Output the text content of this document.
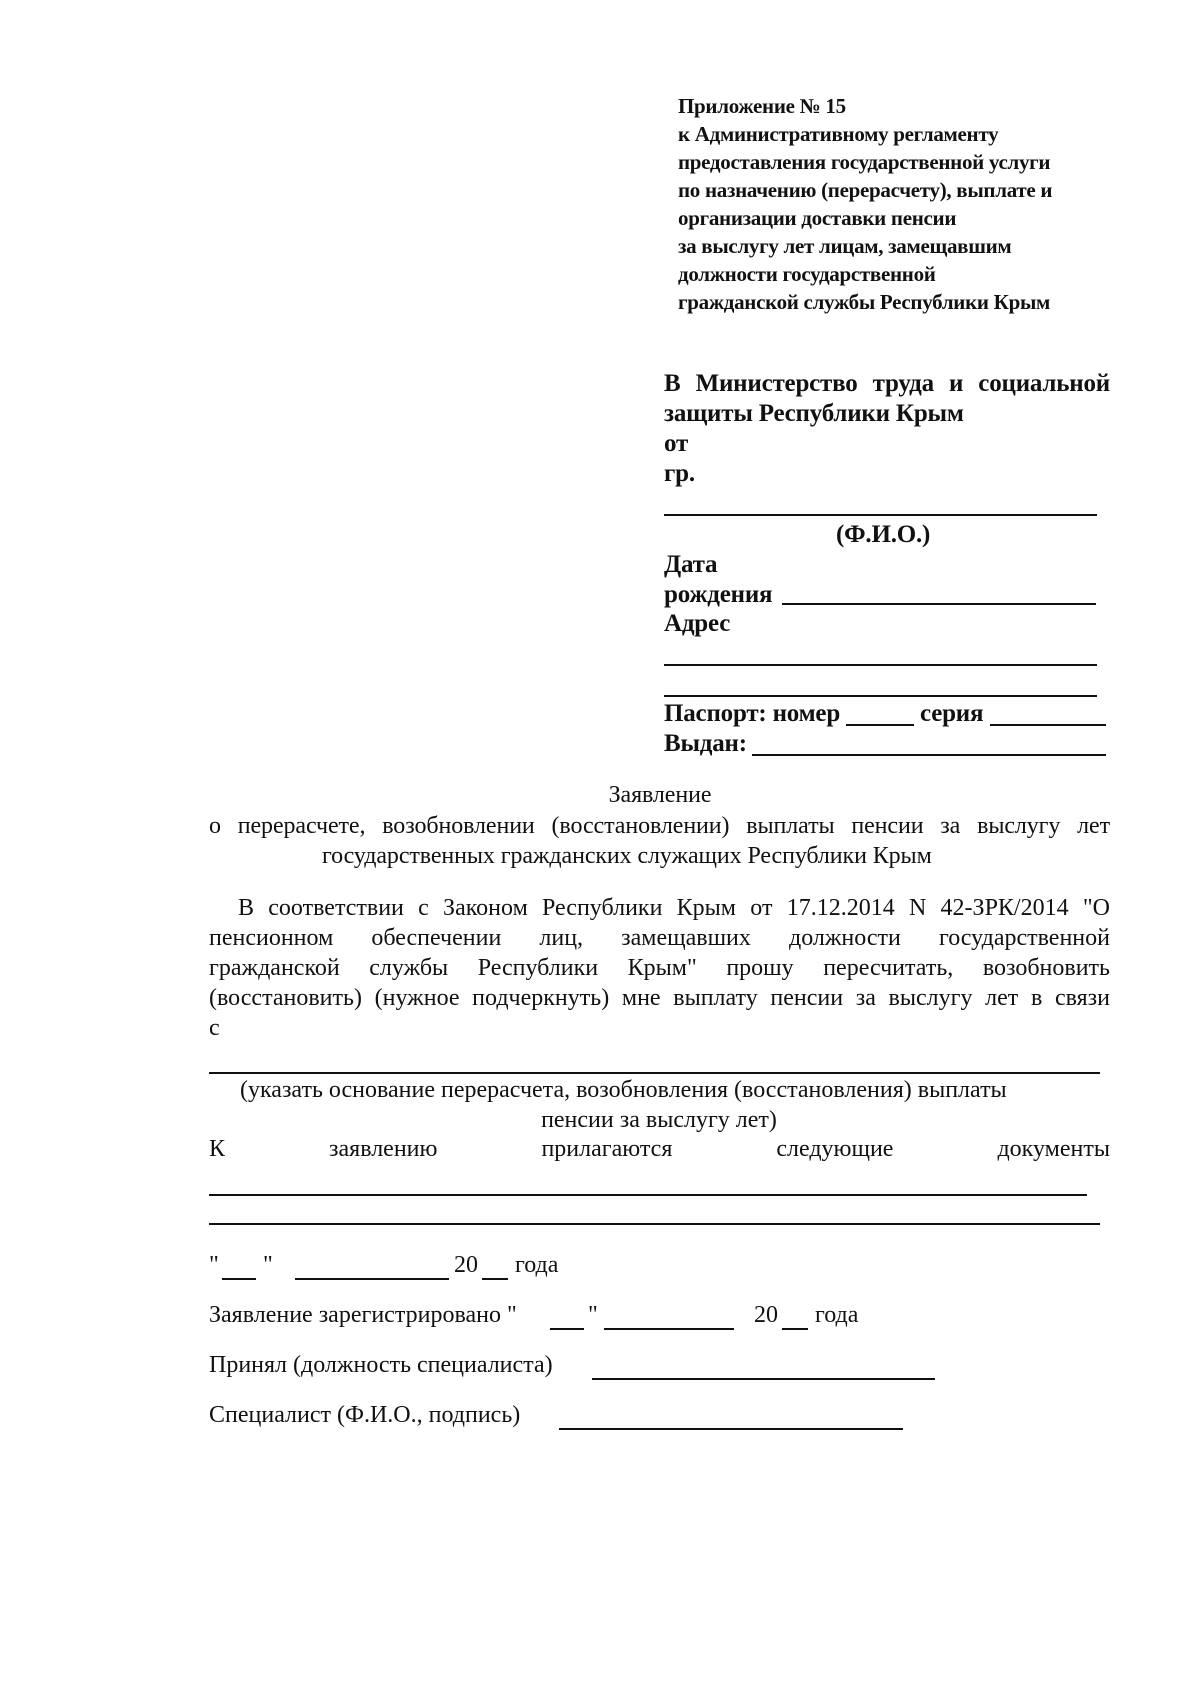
Приложение № 15
к Административному регламенту
предоставления государственной услуги
по назначению (перерасчету), выплате и
организации доставки пенсии
за выслугу лет лицам, замещавшим
должности государственной
гражданской службы Республики Крым
В Министерство труда и социальной
защиты Республики Крым
от
гр.
(Ф.И.О.)
Дата
рождения
Адрес
Паспорт: номер	серия
Выдан:
Заявление
о перерасчете, возобновлении (восстановлении) выплаты пенсии за выслугу лет
государственных гражданских служащих Республики Крым
В соответствии с Законом Республики Крым от 17.12.2014 N 42-ЗРК/2014 "О
пенсионном обеспечении лиц, замещавших должности государственной
гражданской службы Республики Крым" прошу пересчитать, возобновить
(восстановить) (нужное подчеркнуть) мне выплату пенсии за выслугу лет в связи
с
(указать основание перерасчета, возобновления (восстановления) выплаты
пенсии за выслугу лет)
К	заявлению	прилагаются	следующие	документы
" "	20 года
Заявление зарегистрировано "	"	20 года
Принял (должность специалиста)
Специалист (Ф.И.О., подпись)
